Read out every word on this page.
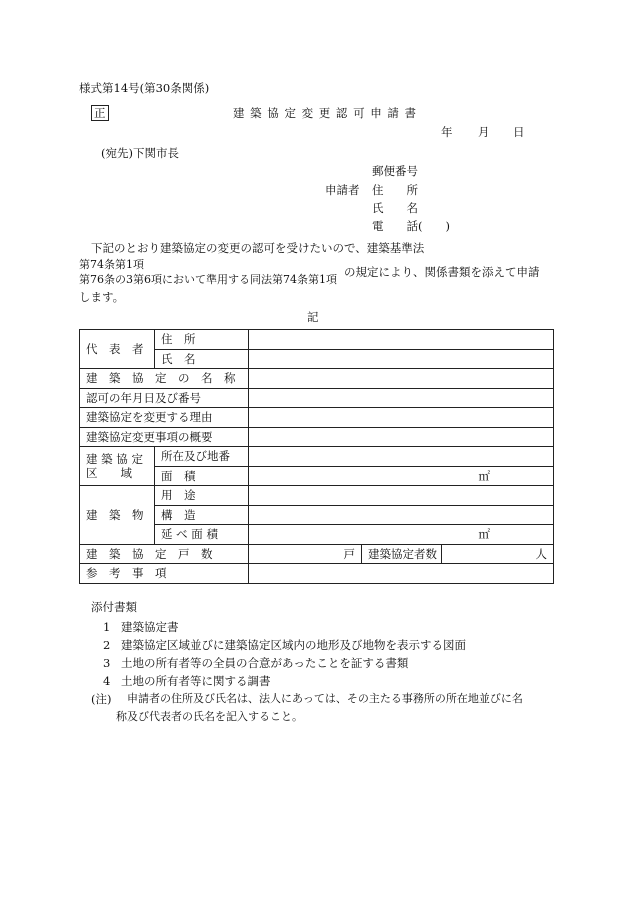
様式第14号(第30条関係)
正	建 築 協 定 変 更 認 可 申 請 書
年 月 日
(宛先)下関市長
郵便番号
申請者 住　　所
氏　　名
電　　話(　　)
下記のとおり建築協定の変更の認可を受けたいので、建築基準法
第74条第1項
第76条の3第6項において準用する同法第74条第1項
の規定により、関係書類を添えて申請
します。
記
代　表　者	住　所			

氏　名			

建　築　協　定　の　名　称				
認可の年月日及び番号				
建築協定を変更する理由				
建築協定変更事項の概要				

建 築 協 定
区　　域	所在及び地番			

面　積	㎡		
建　築　物	用　途			

構　造			

	延 べ 面 積	㎡		
建　築　協　定　戸　数		戸	建築協定者数	人
参　考　事　項				
添付書類
1 建築協定書
2 建築協定区域並びに建築協定区域内の地形及び地物を表示する図面
3 土地の所有者等の全員の合意があったことを証する書類
4 土地の所有者等に関する調書
(注) 申請者の住所及び氏名は、法人にあっては、その主たる事務所の所在地並びに名
称及び代表者の氏名を記入すること。
